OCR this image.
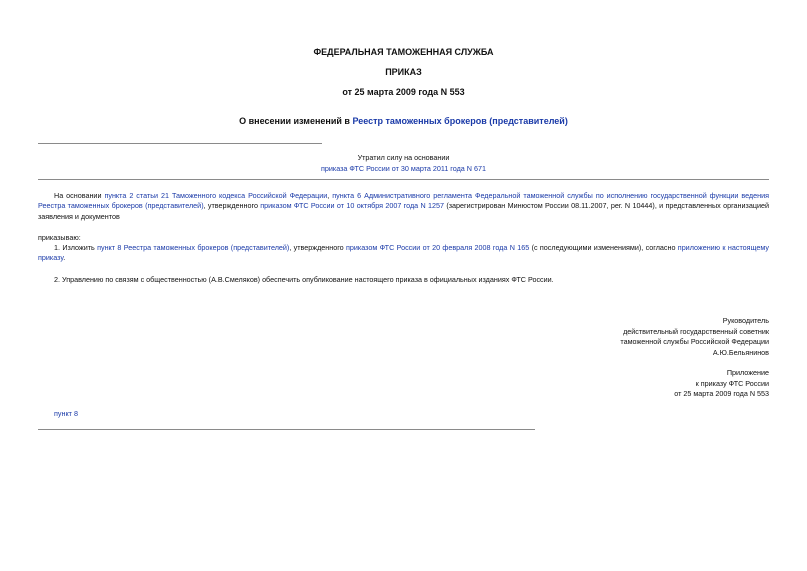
ФЕДЕРАЛЬНАЯ ТАМОЖЕННАЯ СЛУЖБА
ПРИКАЗ
от 25 марта 2009 года N 553
О внесении изменений в Реестр таможенных брокеров (представителей)
Утратил силу на основании
приказа ФТС России от 30 марта 2011 года N 671
На основании пункта 2 статьи 21 Таможенного кодекса Российской Федерации, пункта 6 Административного регламента Федеральной таможенной службы по исполнению государственной функции ведения Реестра таможенных брокеров (представителей), утвержденного приказом ФТС России от 10 октября 2007 года N 1257 (зарегистрирован Минюстом России 08.11.2007, рег. N 10444), и представленных организацией заявления и документов
приказываю:
1. Изложить пункт 8 Реестра таможенных брокеров (представителей), утвержденного приказом ФТС России от 20 февраля 2008 года N 165 (с последующими изменениями), согласно приложению к настоящему приказу.
2. Управлению по связям с общественностью (А.В.Смеляков) обеспечить опубликование настоящего приказа в официальных изданиях ФТС России.
Руководитель
действительный государственный советник
таможенной службы Российской Федерации
А.Ю.Бельянинов
Приложение
к приказу ФТС России
от 25 марта 2009 года N 553
пункт 8
